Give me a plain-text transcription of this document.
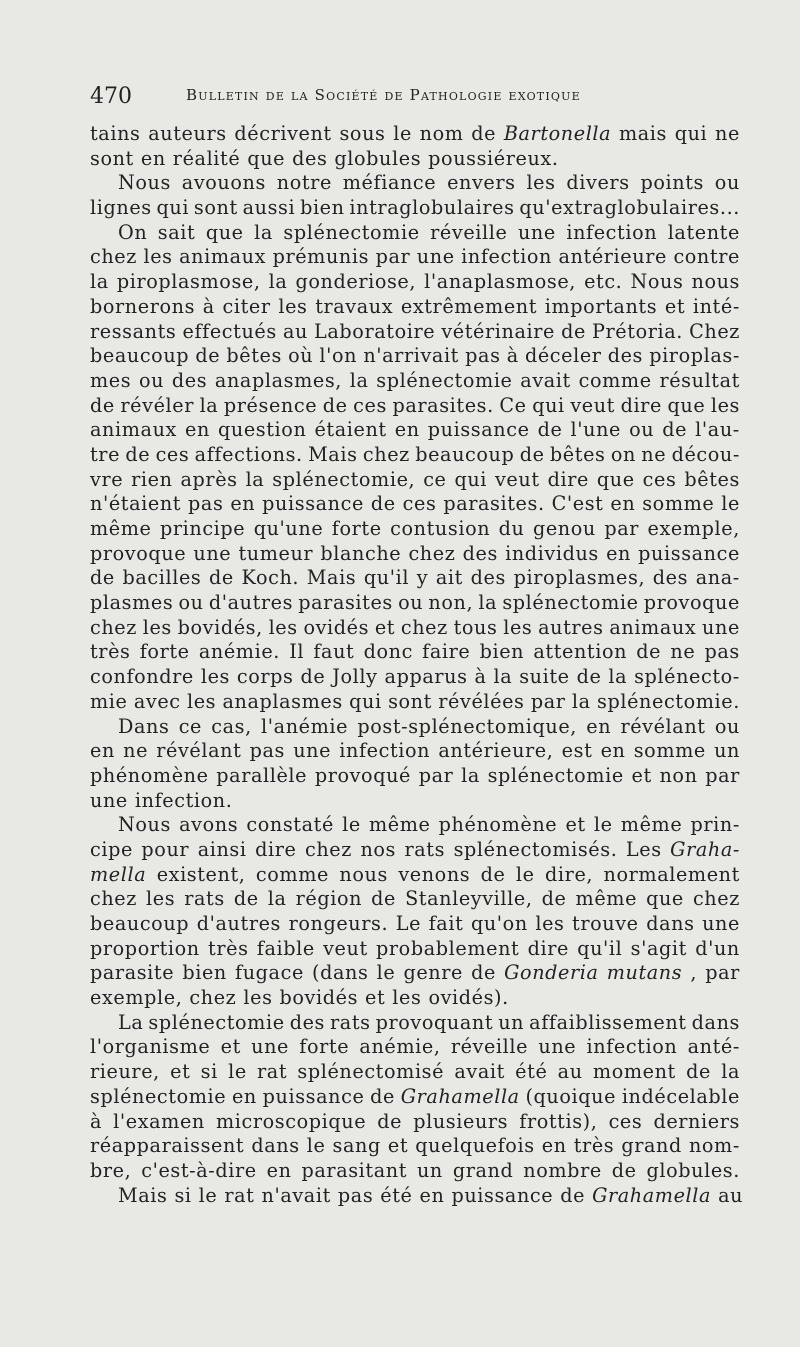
470	Bulletin de la Société de Pathologie exotique
tains auteurs décrivent sous le nom de Bartonella mais qui ne
sont en réalité que des globules poussiéreux.
Nous avouons notre méfiance envers les divers points ou
lignes qui sont aussi bien intraglobulaires qu'extraglobulaires...
On sait que la splénectomie réveille une infection latente
chez les animaux prémunis par une infection antérieure contre
la piroplasmose, la gonderiose, l'anaplasmose, etc. Nous nous
bornerons à citer les travaux extrêmement importants et inté-
ressants effectués au Laboratoire vétérinaire de Prétoria. Chez
beaucoup de bêtes où l'on n'arrivait pas à déceler des piroplas-
mes ou des anaplasmes, la splénectomie avait comme résultat
de révéler la présence de ces parasites. Ce qui veut dire que les
animaux en question étaient en puissance de l'une ou de l'au-
tre de ces affections. Mais chez beaucoup de bêtes on ne décou-
vre rien après la splénectomie, ce qui veut dire que ces bêtes
n'étaient pas en puissance de ces parasites. C'est en somme le
même principe qu'une forte contusion du genou par exemple,
provoque une tumeur blanche chez des individus en puissance
de bacilles de Koch. Mais qu'il y ait des piroplasmes, des ana-
plasmes ou d'autres parasites ou non, la splénectomie provoque
chez les bovidés, les ovidés et chez tous les autres animaux une
très forte anémie. Il faut donc faire bien attention de ne pas
confondre les corps de Jolly apparus à la suite de la splénecto-
mie avec les anaplasmes qui sont révélées par la splénectomie.
Dans ce cas, l'anémie post-splénectomique, en révélant ou
en ne révélant pas une infection antérieure, est en somme un
phénomène parallèle provoqué par la splénectomie et non par
une infection.
Nous avons constaté le même phénomène et le même prin-
cipe pour ainsi dire chez nos rats splénectomisés. Les Graha-
mella existent, comme nous venons de le dire, normalement
chez les rats de la région de Stanleyville, de même que chez
beaucoup d'autres rongeurs. Le fait qu'on les trouve dans une
proportion très faible veut probablement dire qu'il s'agit d'un
parasite bien fugace (dans le genre de Gonderia mutans , par
exemple, chez les bovidés et les ovidés).
La splénectomie des rats provoquant un affaiblissement dans
l'organisme et une forte anémie, réveille une infection anté-
rieure, et si le rat splénectomisé avait été au moment de la
splénectomie en puissance de Grahamella (quoique indécelable
à l'examen microscopique de plusieurs frottis), ces derniers
réapparaissent dans le sang et quelquefois en très grand nom-
bre, c'est-à-dire en parasitant un grand nombre de globules.
Mais si le rat n'avait pas été en puissance de Grahamella au
